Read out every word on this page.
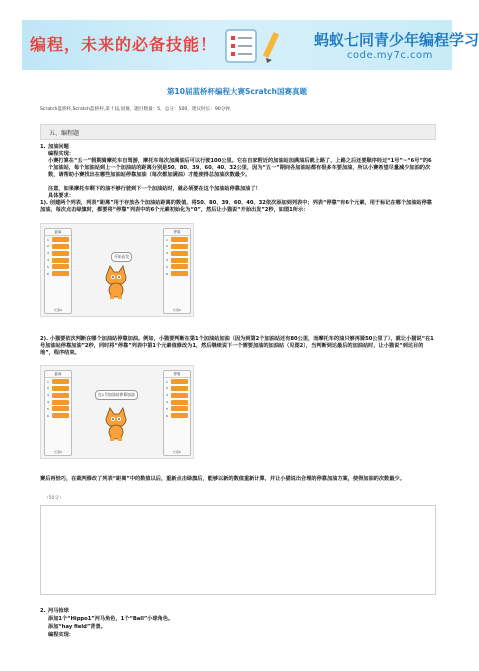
编程，未来的必备技能！	蚂蚁七同青少年编程学习
code.my7c.com
第10届蓝桥杯编程大赛Scratch国赛真题
Scratch蓝桥杯,Scratch蓝桥杯,第十届,国赛，题目数量：5，总分：500，建议时长：90分钟，
五、编程题
1. 加油问题
编程实现：
小赛打算在“五一”假期骑摩托车自驾游，摩托车每次加满油后可以行驶100公里。它在自家附近的加油站加满油后就上路了，上路之后还要顺序经过“1号”~“6号”的6个加油站，每个加油站到上一个加油站的距离分别是50、80、39、60、40、32公里，因为“五一”期间各加油站都有很多车要加油，所以小赛希望尽量减少加油的次数，请帮助小赛找出在哪些加油站停靠加油（每次都加满油）才能使得总加油次数最少。
注意，如果摩托车剩下的油不够行驶到下一个加油站时，就必须要在这个加油站停靠加油了！
具体要求：
1). 创建两个列表，列表“距离”用于存放各个加油站距离的数值，将50、80、39、60、40、32依次添加到列表中；列表“停靠”有6个元素，用于标记在哪个加油站停靠加油，每次点击绿旗时，都要将“停靠”列表中的6个元素初始化为“0”，然后让小猫说“开始出发”2秒，如图1所示：
距离
1
2
3
4
5
6
长度6
开始出发
停靠
1
2
3
4
5
6
长度6
2). 小猫要依次判断在哪个加油站停靠加油。例如，小猫要判断在第1个加油站加油（因为到第2个加油站还有80公里，而摩托车的油只够再骑50公里了），就让小猫说“在1号加油站停靠加油”2秒，同时将“停靠”列表中第1个元素值修改为1，然后继续说下一个需要加油的加油站（见图2），当判断到达最后的加油站时，让小猫说“到达目的地”，程序结束。
距离
1
2
3
4
5
6
长度6
在1号加油站停靠加油
停靠
1
2
3
4
5
6
长度6
赛后再恰巧，在裁判修改了列表“距离”中的数值以后，重新点击绿旗后，能够以新的数值重新计算，并让小猫说出合理的停靠加油方案，使得加油的次数最少。
（50分）
2. 河马捡球
添加1个“Hippo1”河马角色，1个“Ball”小球角色。
添加“hay field”背景。
编程实现：
